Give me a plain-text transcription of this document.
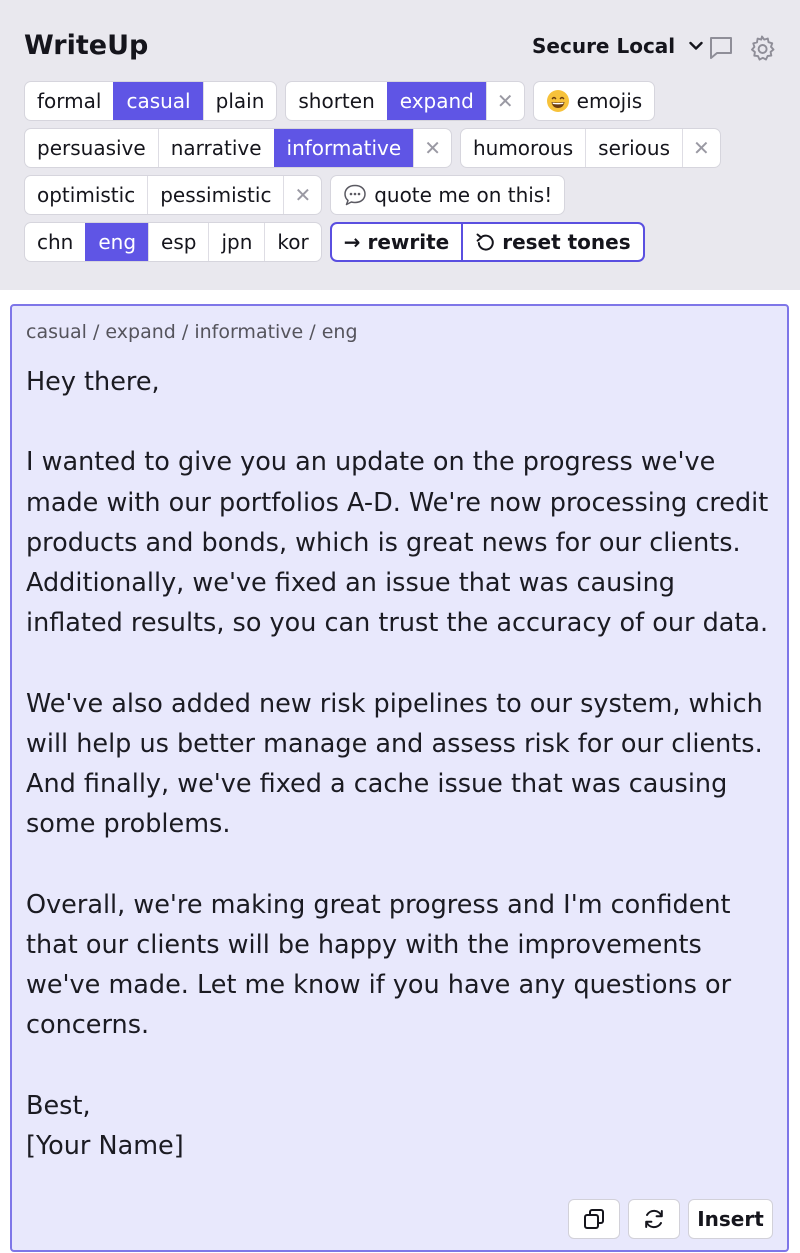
WriteUp	Secure Local
formal	casual	plain	shorten	expand	✕	emojis
persuasive	narrative	informative	✕	humorous	serious	✕
optimistic	pessimistic	✕	quote me on this!
chn	eng	esp	jpn	kor	→ rewrite	reset tones
casual / expand / informative / eng
Hey there,

I wanted to give you an update on the progress we've made with our portfolios A-D. We're now processing credit products and bonds, which is great news for our clients. Additionally, we've fixed an issue that was causing inflated results, so you can trust the accuracy of our data.

We've also added new risk pipelines to our system, which will help us better manage and assess risk for our clients. And finally, we've fixed a cache issue that was causing some problems.

Overall, we're making great progress and I'm confident that our clients will be happy with the improvements we've made. Let me know if you have any questions or concerns.

Best,
[Your Name]
Insert
